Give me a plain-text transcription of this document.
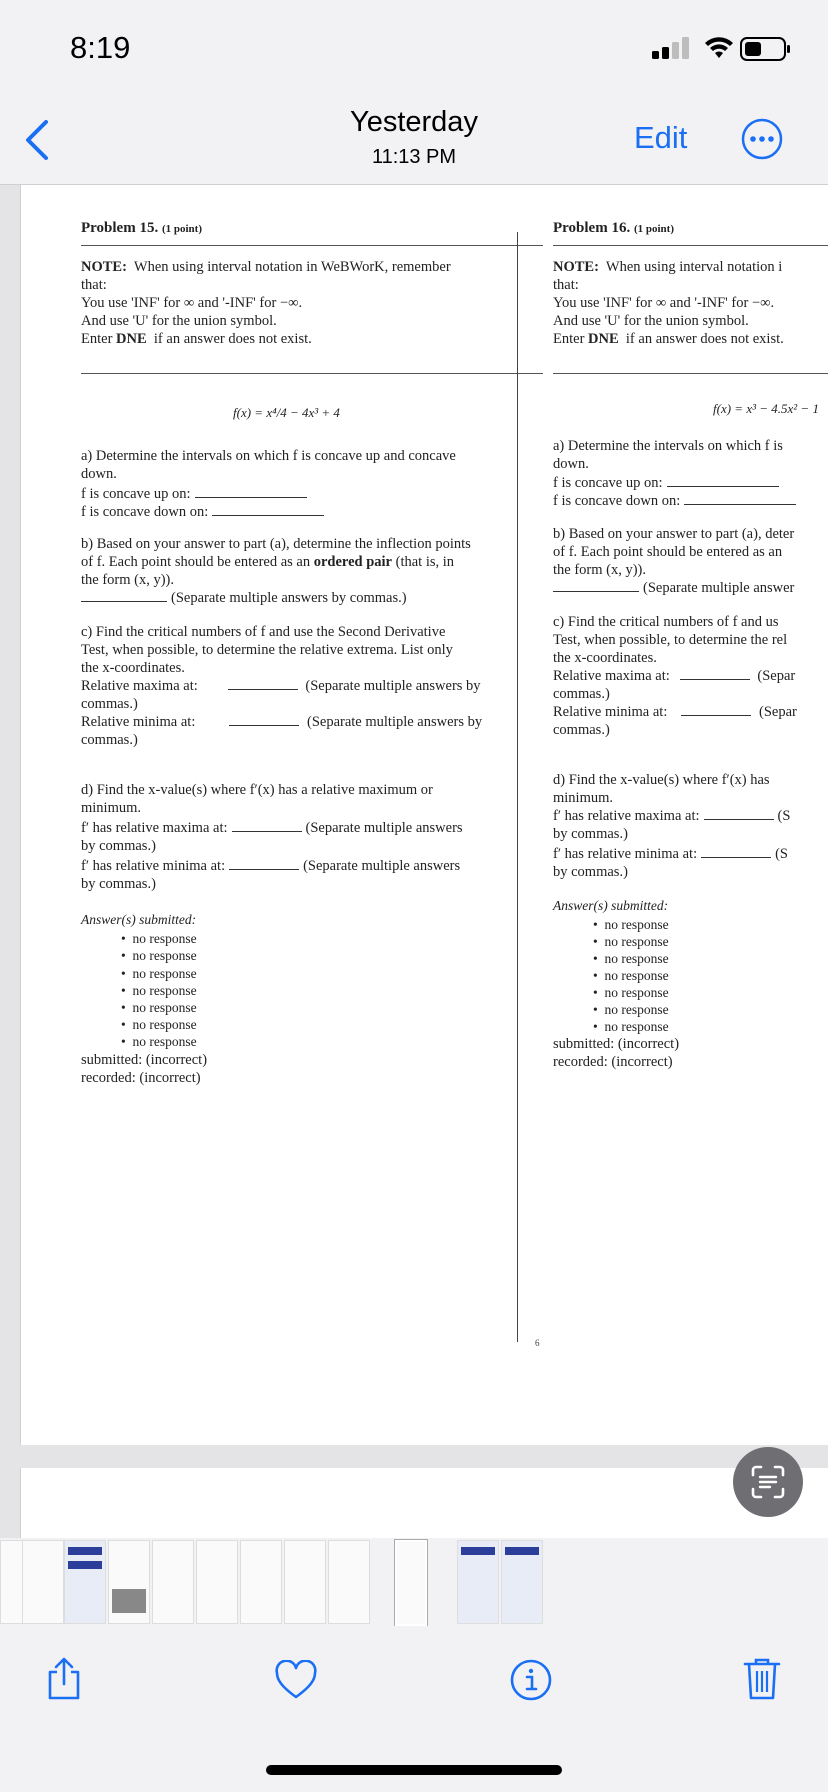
8:19
Yesterday
11:13 PM
Edit
Problem 15. (1 point)
NOTE: When using interval notation in WeBWorK, remember
that:
You use 'INF' for ∞ and '-INF' for −∞.
And use 'U' for the union symbol.
Enter DNE if an answer does not exist.
f(x) = x⁴/4 − 4x³ + 4
a) Determine the intervals on which f is concave up and concave
down.
f is concave up on:
f is concave down on:
b) Based on your answer to part (a), determine the inflection points
of f. Each point should be entered as an ordered pair (that is, in
the form (x, y)).
(Separate multiple answers by commas.)
c) Find the critical numbers of f and use the Second Derivative
Test, when possible, to determine the relative extrema. List only
the x-coordinates.
Relative maxima at:	(Separate multiple answers by
commas.)
Relative minima at:	(Separate multiple answers by
commas.)
d) Find the x-value(s) where f′(x) has a relative maximum or
minimum.
f′ has relative maxima at:	(Separate multiple answers
by commas.)
f′ has relative minima at:	(Separate multiple answers
by commas.)
Answer(s) submitted:
•  no response
•  no response
•  no response
•  no response
•  no response
•  no response
•  no response
submitted: (incorrect)
recorded: (incorrect)
Problem 16. (1 point)
NOTE: When using interval notation i
that:
You use 'INF' for ∞ and '-INF' for −∞.
And use 'U' for the union symbol.
Enter DNE if an answer does not exist.
f(x) = x³ − 4.5x² − 1
a) Determine the intervals on which f is
down.
f is concave up on:
f is concave down on:
b) Based on your answer to part (a), deter
of f. Each point should be entered as an
the form (x, y)).
(Separate multiple answer
c) Find the critical numbers of f and us
Test, when possible, to determine the rel
the x-coordinates.
Relative maxima at:	(Separ
commas.)
Relative minima at:	(Separ
commas.)
d) Find the x-value(s) where f′(x) has
minimum.
f′ has relative maxima at:	(S
by commas.)
f′ has relative minima at:	(S
by commas.)
Answer(s) submitted:
•  no response
•  no response
•  no response
•  no response
•  no response
•  no response
•  no response
submitted: (incorrect)
recorded: (incorrect)
6
